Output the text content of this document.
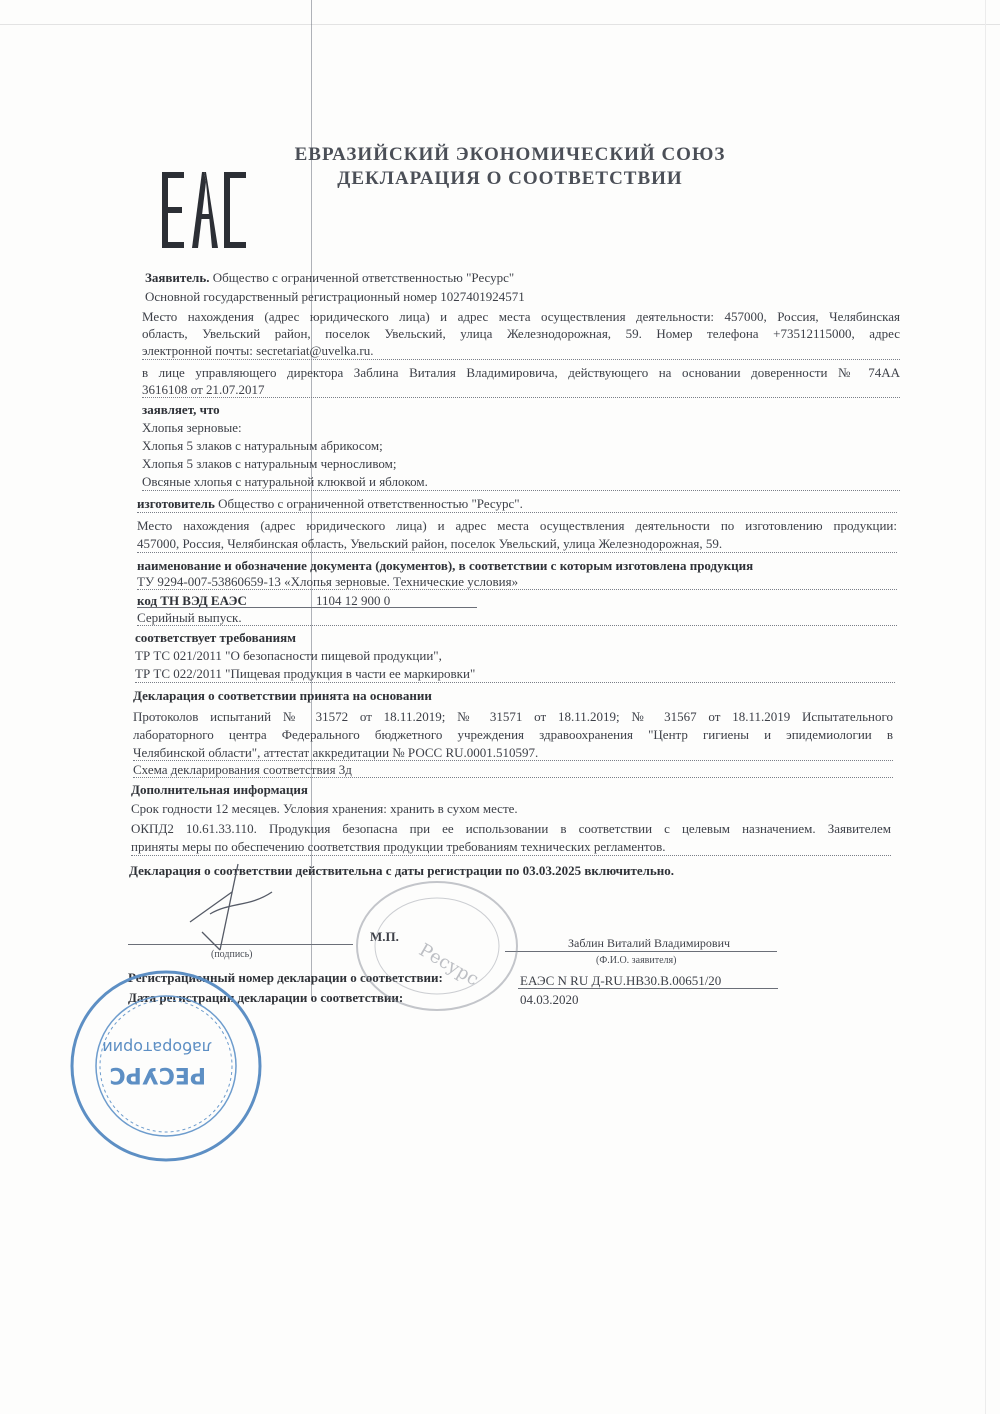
ЕВРАЗИЙСКИЙ ЭКОНОМИЧЕСКИЙ СОЮЗ
ДЕКЛАРАЦИЯ О СООТВЕТСТВИИ
Заявитель. Общество с ограниченной ответственностью "Ресурс"
Основной государственный регистрационный номер 1027401924571
Место нахождения (адрес юридического лица) и адрес места осуществления деятельности: 457000, Россия, Челябинская
область, Увельский район, поселок Увельский, улица Железнодорожная, 59. Номер телефона +73512115000, адрес
электронной почты: secretariat@uvelka.ru.
в лице управляющего директора Заблина Виталия Владимировича, действующего на основании доверенности № 74АА
3616108 от 21.07.2017
заявляет, что
Хлопья зерновые:
Хлопья 5 злаков с натуральным абрикосом;
Хлопья 5 злаков с натуральным черносливом;
Овсяные хлопья с натуральной клюквой и яблоком.
изготовитель Общество с ограниченной ответственностью "Ресурс".
Место нахождения (адрес юридического лица) и адрес места осуществления деятельности по изготовлению продукции:
457000, Россия, Челябинская область, Увельский район, поселок Увельский, улица Железнодорожная, 59.
наименование и обозначение документа (документов), в соответствии с которым изготовлена продукция
ТУ 9294-007-53860659-13 «Хлопья зерновые. Технические условия»
код ТН ВЭД ЕАЭС	1104 12 900 0
Серийный выпуск.
соответствует требованиям
ТР ТС 021/2011 "О безопасности пищевой продукции",
ТР ТС 022/2011 "Пищевая продукция в части ее маркировки"
Декларация о соответствии принята на основании
Протоколов испытаний № 31572 от 18.11.2019; № 31571 от 18.11.2019; № 31567 от 18.11.2019 Испытательного
лабораторного центра Федерального бюджетного учреждения здравоохранения "Центр гигиены и эпидемиологии в
Челябинской области", аттестат аккредитации № РОСС RU.0001.510597.
Схема декларирования соответствия 3д
Дополнительная информация
Срок годности 12 месяцев. Условия хранения: хранить в сухом месте.
ОКПД2 10.61.33.110. Продукция безопасна при ее использовании в соответствии с целевым назначением. Заявителем
приняты меры по обеспечению соответствия продукции требованиям технических регламентов.
Декларация о соответствии действительна с даты регистрации по 03.03.2025 включительно.
(подпись)
М.П.	Заблин Виталий Владимирович
(Ф.И.О. заявителя)
Регистрационный номер декларации о соответствии:	ЕАЭС N RU Д-RU.НВ30.В.00651/20
Дата регистрации декларации о соответствии:	04.03.2020
Ресурс
РЕСУРС
лаборатории
